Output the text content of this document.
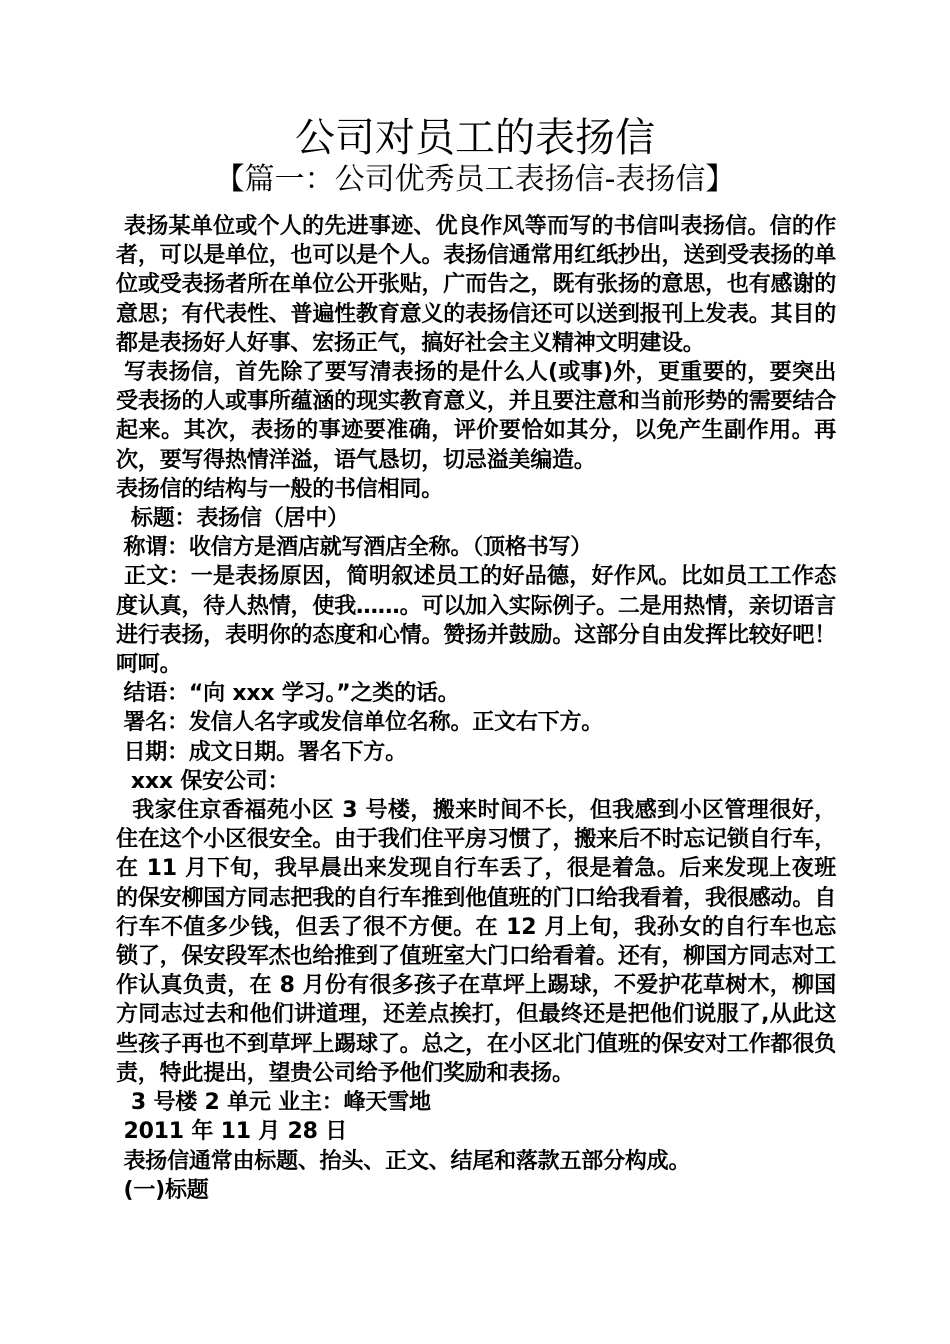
公司对员工的表扬信
【篇一：公司优秀员工表扬信-表扬信】

表扬某单位或个人的先进事迹、优良作风等而写的书信叫表扬信。信的作者，可以是单位，也可以是个人。表扬信通常用红纸抄出，送到受表扬的单位或受表扬者所在单位公开张贴，广而告之，既有张扬的意思，也有感谢的意思；有代表性、普遍性教育意义的表扬信还可以送到报刊上发表。其目的都是表扬好人好事、宏扬正气，搞好社会主义精神文明建设。

写表扬信，首先除了要写清表扬的是什么人(或事)外，更重要的，要突出受表扬的人或事所蕴涵的现实教育意义，并且要注意和当前形势的需要结合起来。其次，表扬的事迹要准确，评价要恰如其分，以免产生副作用。再次，要写得热情洋溢，语气恳切，切忌溢美编造。

表扬信的结构与一般的书信相同。

标题：表扬信（居中）

称谓：收信方是酒店就写酒店全称。（顶格书写）

正文：一是表扬原因，简明叙述员工的好品德，好作风。比如员工工作态度认真，待人热情，使我……。可以加入实际例子。二是用热情，亲切语言进行表扬，表明你的态度和心情。赞扬并鼓励。这部分自由发挥比较好吧！呵呵。

结语：“向 xxx 学习。”之类的话。

署名：发信人名字或发信单位名称。正文右下方。

日期：成文日期。署名下方。

xxx 保安公司：

我家住京香福苑小区 3 号楼，搬来时间不长，但我感到小区管理很好，住在这个小区很安全。由于我们住平房习惯了，搬来后不时忘记锁自行车，在 11 月下旬，我早晨出来发现自行车丢了，很是着急。后来发现上夜班的保安柳国方同志把我的自行车推到他值班的门口给我看着，我很感动。自行车不值多少钱，但丢了很不方便。在 12 月上旬，我孙女的自行车也忘锁了，保安段军杰也给推到了值班室大门口给看着。还有，柳国方同志对工作认真负责，在 8 月份有很多孩子在草坪上踢球，不爱护花草树木，柳国方同志过去和他们讲道理，还差点挨打，但最终还是把他们说服了,从此这些孩子再也不到草坪上踢球了。总之，在小区北门值班的保安对工作都很负责，特此提出，望贵公司给予他们奖励和表扬。

3 号楼 2 单元 业主：峰天雪地

2011 年 11 月 28 日

表扬信通常由标题、抬头、正文、结尾和落款五部分构成。

(一)标题
